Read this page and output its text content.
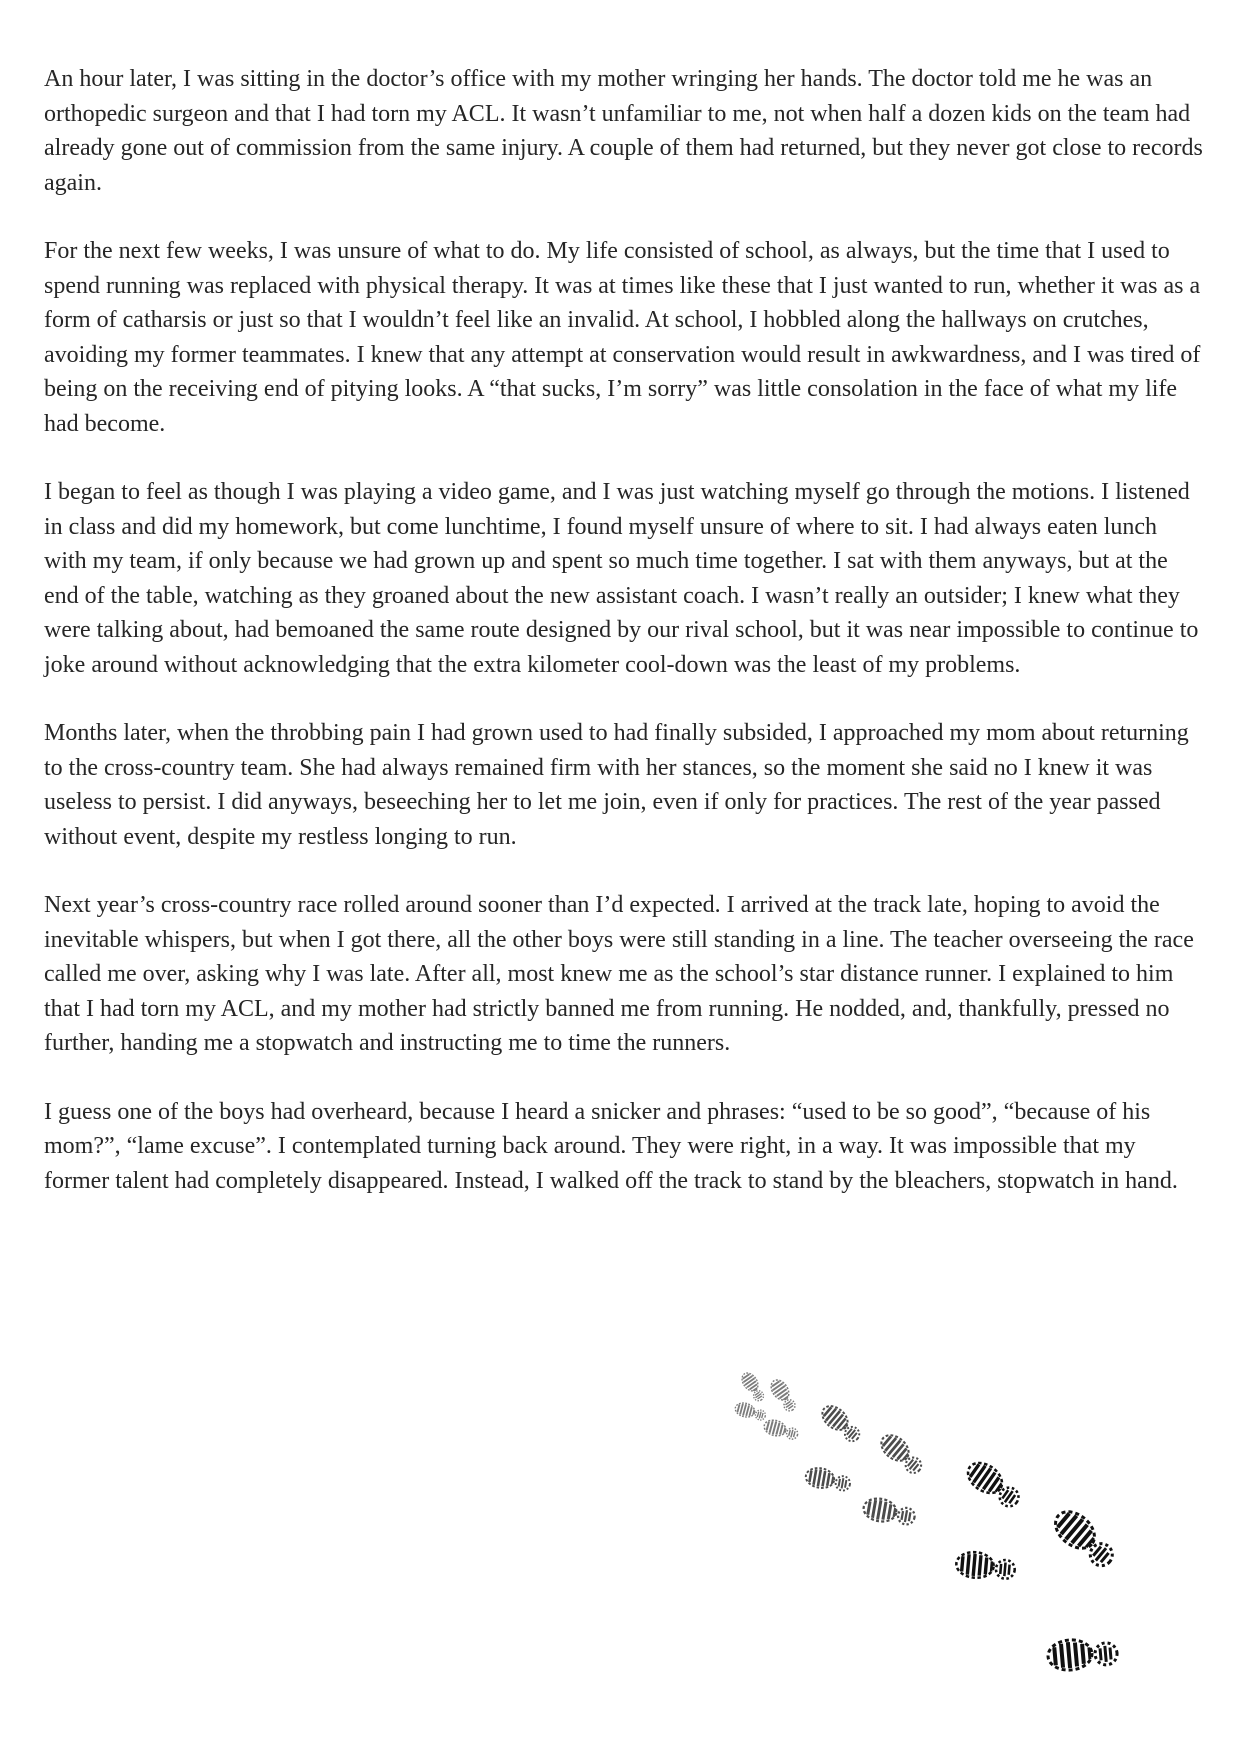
An hour later, I was sitting in the doctor’s office with my mother wringing her hands. The doctor told me he was an orthopedic surgeon and that I had torn my ACL. It wasn’t unfamiliar to me, not when half a dozen kids on the team had already gone out of commission from the same injury. A couple of them had returned, but they never got close to records again.

For the next few weeks, I was unsure of what to do. My life consisted of school, as always, but the time that I used to spend running was replaced with physical therapy. It was at times like these that I just wanted to run, whether it was as a form of catharsis or just so that I wouldn’t feel like an invalid. At school, I hobbled along the hallways on crutches, avoiding my former teammates. I knew that any attempt at conservation would result in awkwardness, and I was tired of being on the receiving end of pitying looks. A “that sucks, I’m sorry” was little consolation in the face of what my life had become.

I began to feel as though I was playing a video game, and I was just watching myself go through the motions. I listened in class and did my homework, but come lunchtime, I found myself unsure of where to sit. I had always eaten lunch with my team, if only because we had grown up and spent so much time together. I sat with them anyways, but at the end of the table, watching as they groaned about the new assistant coach. I wasn’t really an outsider; I knew what they were talking about, had bemoaned the same route designed by our rival school, but it was near impossible to continue to joke around without acknowledging that the extra kilometer cool-down was the least of my problems.

Months later, when the throbbing pain I had grown used to had finally subsided, I approached my mom about returning to the cross-country team. She had always remained firm with her stances, so the moment she said no I knew it was useless to persist. I did anyways, beseeching her to let me join, even if only for practices. The rest of the year passed without event, despite my restless longing to run.

Next year’s cross-country race rolled around sooner than I’d expected. I arrived at the track late, hoping to avoid the inevitable whispers, but when I got there, all the other boys were still standing in a line. The teacher overseeing the race called me over, asking why I was late. After all, most knew me as the school’s star distance runner. I explained to him that I had torn my ACL, and my mother had strictly banned me from running. He nodded, and, thankfully, pressed no further, handing me a stopwatch and instructing me to time the runners.

I guess one of the boys had overheard, because I heard a snicker and phrases: “used to be so good”, “because of his mom?”, “lame excuse”. I contemplated turning back around. They were right, in a way. It was impossible that my former talent had completely disappeared. Instead, I walked off the track to stand by the bleachers, stopwatch in hand.
